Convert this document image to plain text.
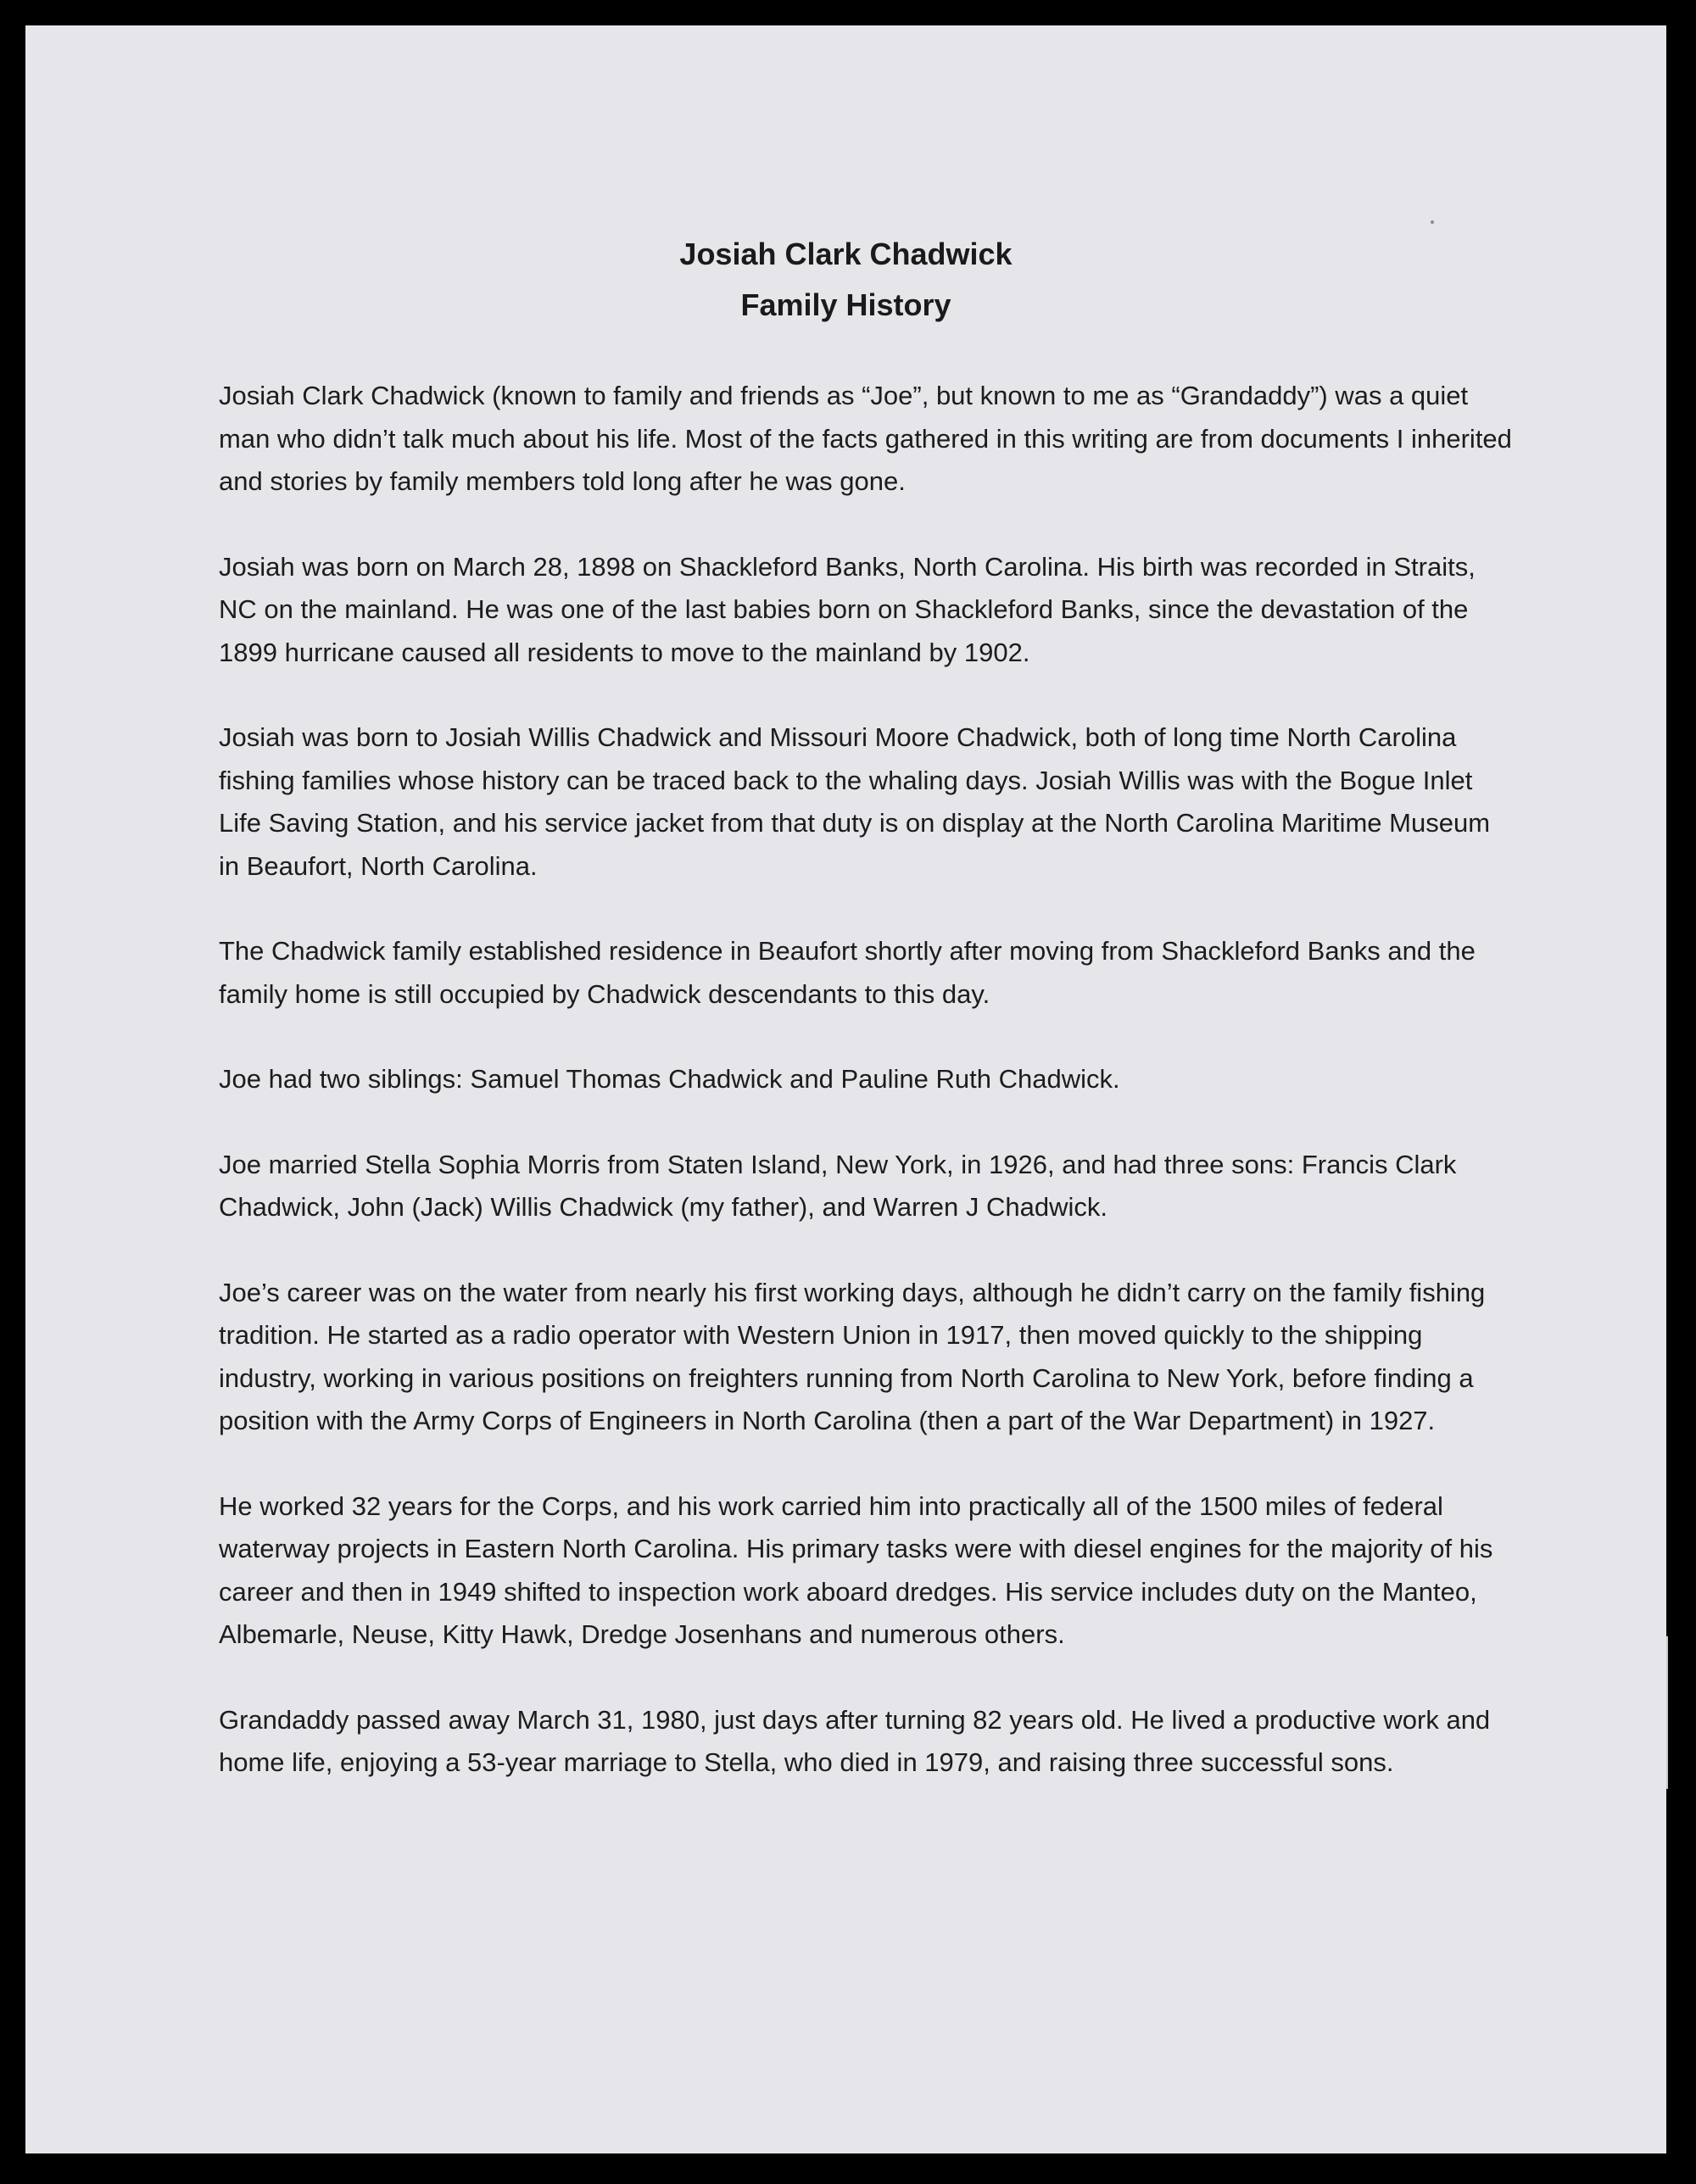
Josiah Clark Chadwick
Family History

Josiah Clark Chadwick (known to family and friends as “Joe”, but known to me as “Grandaddy”) was a quiet man who didn’t talk much about his life. Most of the facts gathered in this writing are from documents I inherited and stories by family members told long after he was gone.

Josiah was born on March 28, 1898 on Shackleford Banks, North Carolina. His birth was recorded in Straits, NC on the mainland. He was one of the last babies born on Shackleford Banks, since the devastation of the 1899 hurricane caused all residents to move to the mainland by 1902.

Josiah was born to Josiah Willis Chadwick and Missouri Moore Chadwick, both of long time North Carolina fishing families whose history can be traced back to the whaling days. Josiah Willis was with the Bogue Inlet Life Saving Station, and his service jacket from that duty is on display at the North Carolina Maritime Museum in Beaufort, North Carolina.

The Chadwick family established residence in Beaufort shortly after moving from Shackleford Banks and the family home is still occupied by Chadwick descendants to this day.

Joe had two siblings: Samuel Thomas Chadwick and Pauline Ruth Chadwick.

Joe married Stella Sophia Morris from Staten Island, New York, in 1926, and had three sons: Francis Clark Chadwick, John (Jack) Willis Chadwick (my father), and Warren J Chadwick.

Joe’s career was on the water from nearly his first working days, although he didn’t carry on the family fishing tradition. He started as a radio operator with Western Union in 1917, then moved quickly to the shipping industry, working in various positions on freighters running from North Carolina to New York, before finding a position with the Army Corps of Engineers in North Carolina (then a part of the War Department) in 1927.

He worked 32 years for the Corps, and his work carried him into practically all of the 1500 miles of federal waterway projects in Eastern North Carolina. His primary tasks were with diesel engines for the majority of his career and then in 1949 shifted to inspection work aboard dredges. His service includes duty on the Manteo, Albemarle, Neuse, Kitty Hawk, Dredge Josenhans and numerous others.

Grandaddy passed away March 31, 1980, just days after turning 82 years old. He lived a productive work and home life, enjoying a 53-year marriage to Stella, who died in 1979, and raising three successful sons.
